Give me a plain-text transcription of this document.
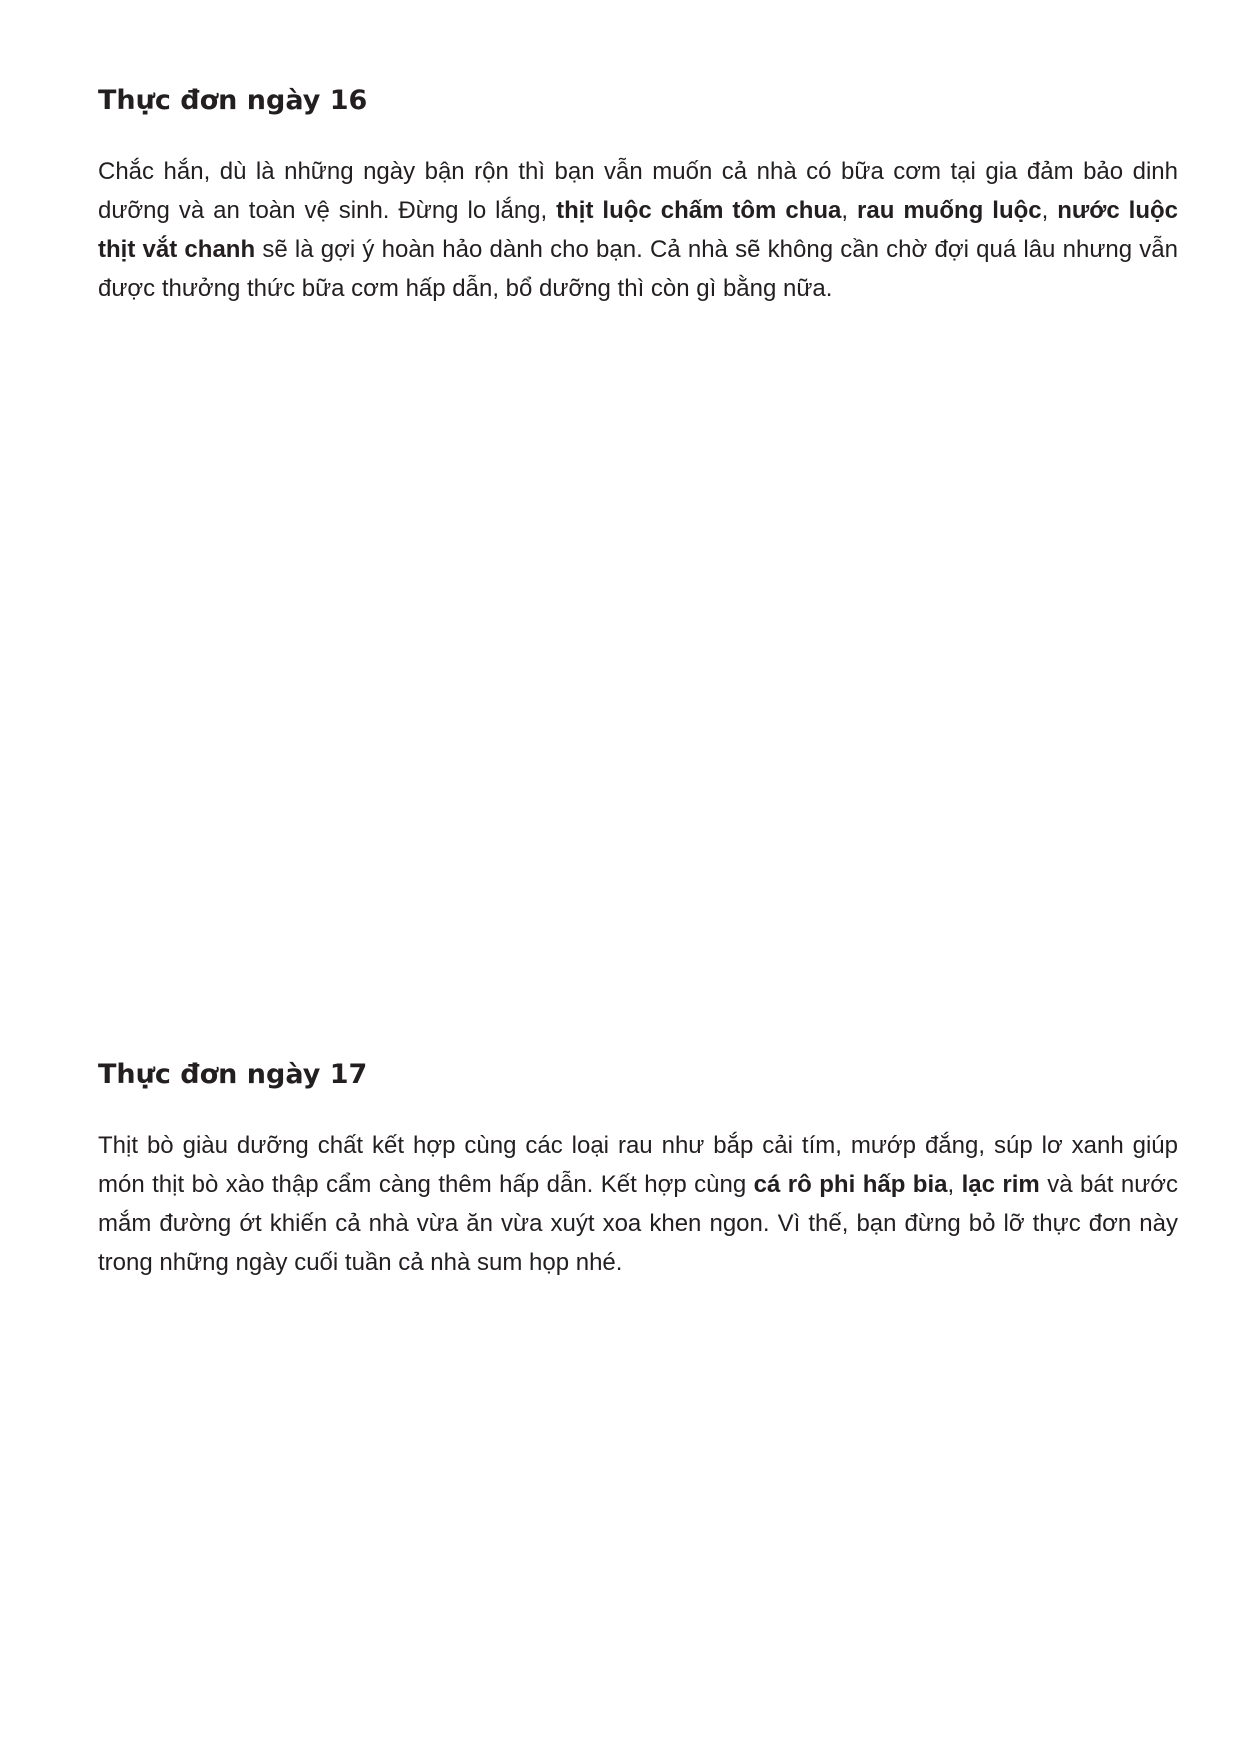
Thực đơn ngày 16

Chắc hắn, dù là những ngày bận rộn thì bạn vẫn muốn cả nhà có bữa cơm tại gia đảm bảo dinh dưỡng và an toàn vệ sinh. Đừng lo lắng, thịt luộc chấm tôm chua, rau muống luộc, nước luộc thịt vắt chanh sẽ là gợi ý hoàn hảo dành cho bạn. Cả nhà sẽ không cần chờ đợi quá lâu nhưng vẫn được thưởng thức bữa cơm hấp dẫn, bổ dưỡng thì còn gì bằng nữa.

Thực đơn ngày 17

Thịt bò giàu dưỡng chất kết hợp cùng các loại rau như bắp cải tím, mướp đắng, súp lơ xanh giúp món thịt bò xào thập cẩm càng thêm hấp dẫn. Kết hợp cùng cá rô phi hấp bia, lạc rim và bát nước mắm đường ớt khiến cả nhà vừa ăn vừa xuýt xoa khen ngon. Vì thế, bạn đừng bỏ lỡ thực đơn này trong những ngày cuối tuần cả nhà sum họp nhé.
